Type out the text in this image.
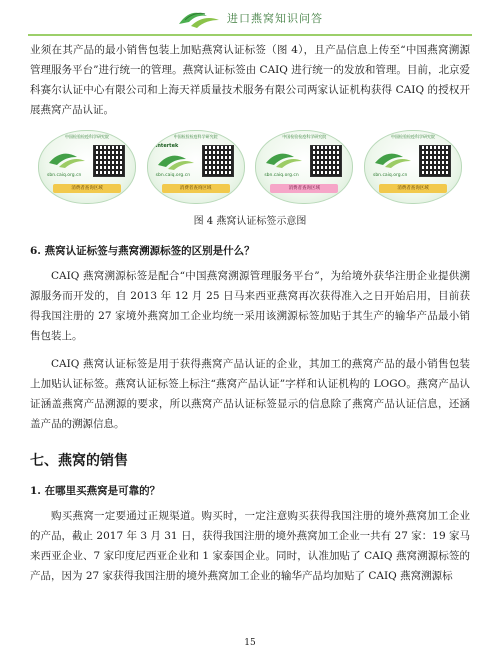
进口燕窝知识问答

业须在其产品的最小销售包装上加贴燕窝认证标签（图 4），且产品信息上传至“中国燕窝溯源管理服务平台”进行统一的管理。燕窝认证标签由 CAIQ 进行统一的发放和管理。目前，北京爱科赛尔认证中心有限公司和上海天祥质量技术服务有限公司两家认证机构获得 CAIQ 的授权开展燕窝产品认证。

中国检验检疫科学研究院
sbn.caiq.org.cn
消费者查询区域
中国检验检疫科学研究院
intertek
sbn.caiq.org.cn
消费者查询区域
中国检验检疫科学研究院
sbn.caiq.org.cn
消费者查询区域
中国检验检疫科学研究院
sbn.caiq.org.cn
消费者查询区域
图 4 燕窝认证标签示意图
6. 燕窝认证标签与燕窝溯源标签的区别是什么？

CAIQ 燕窝溯源标签是配合“中国燕窝溯源管理服务平台”，为给境外获华注册企业提供溯源服务而开发的，自 2013 年 12 月 25 日马来西亚燕窝再次获得准入之日开始启用，目前获得我国注册的 27 家境外燕窝加工企业均统一采用该溯源标签加贴于其生产的输华产品最小销售包装上。

CAIQ 燕窝认证标签是用于获得燕窝产品认证的企业，其加工的燕窝产品的最小销售包装上加贴认证标签。燕窝认证标签上标注“燕窝产品认证”字样和认证机构的 LOGO。燕窝产品认证涵盖燕窝产品溯源的要求，所以燕窝产品认证标签显示的信息除了燕窝产品认证信息，还涵盖产品的溯源信息。

七、燕窝的销售
1. 在哪里买燕窝是可靠的？

购买燕窝一定要通过正规渠道。购买时，一定注意购买获得我国注册的境外燕窝加工企业的产品，截止 2017 年 3 月 31 日，获得我国注册的境外燕窝加工企业一共有 27 家：19 家马来西亚企业、7 家印度尼西亚企业和 1 家泰国企业。同时，认准加贴了 CAIQ 燕窝溯源标签的产品，因为 27 家获得我国注册的境外燕窝加工企业的输华产品均加贴了 CAIQ 燕窝溯源标

15
